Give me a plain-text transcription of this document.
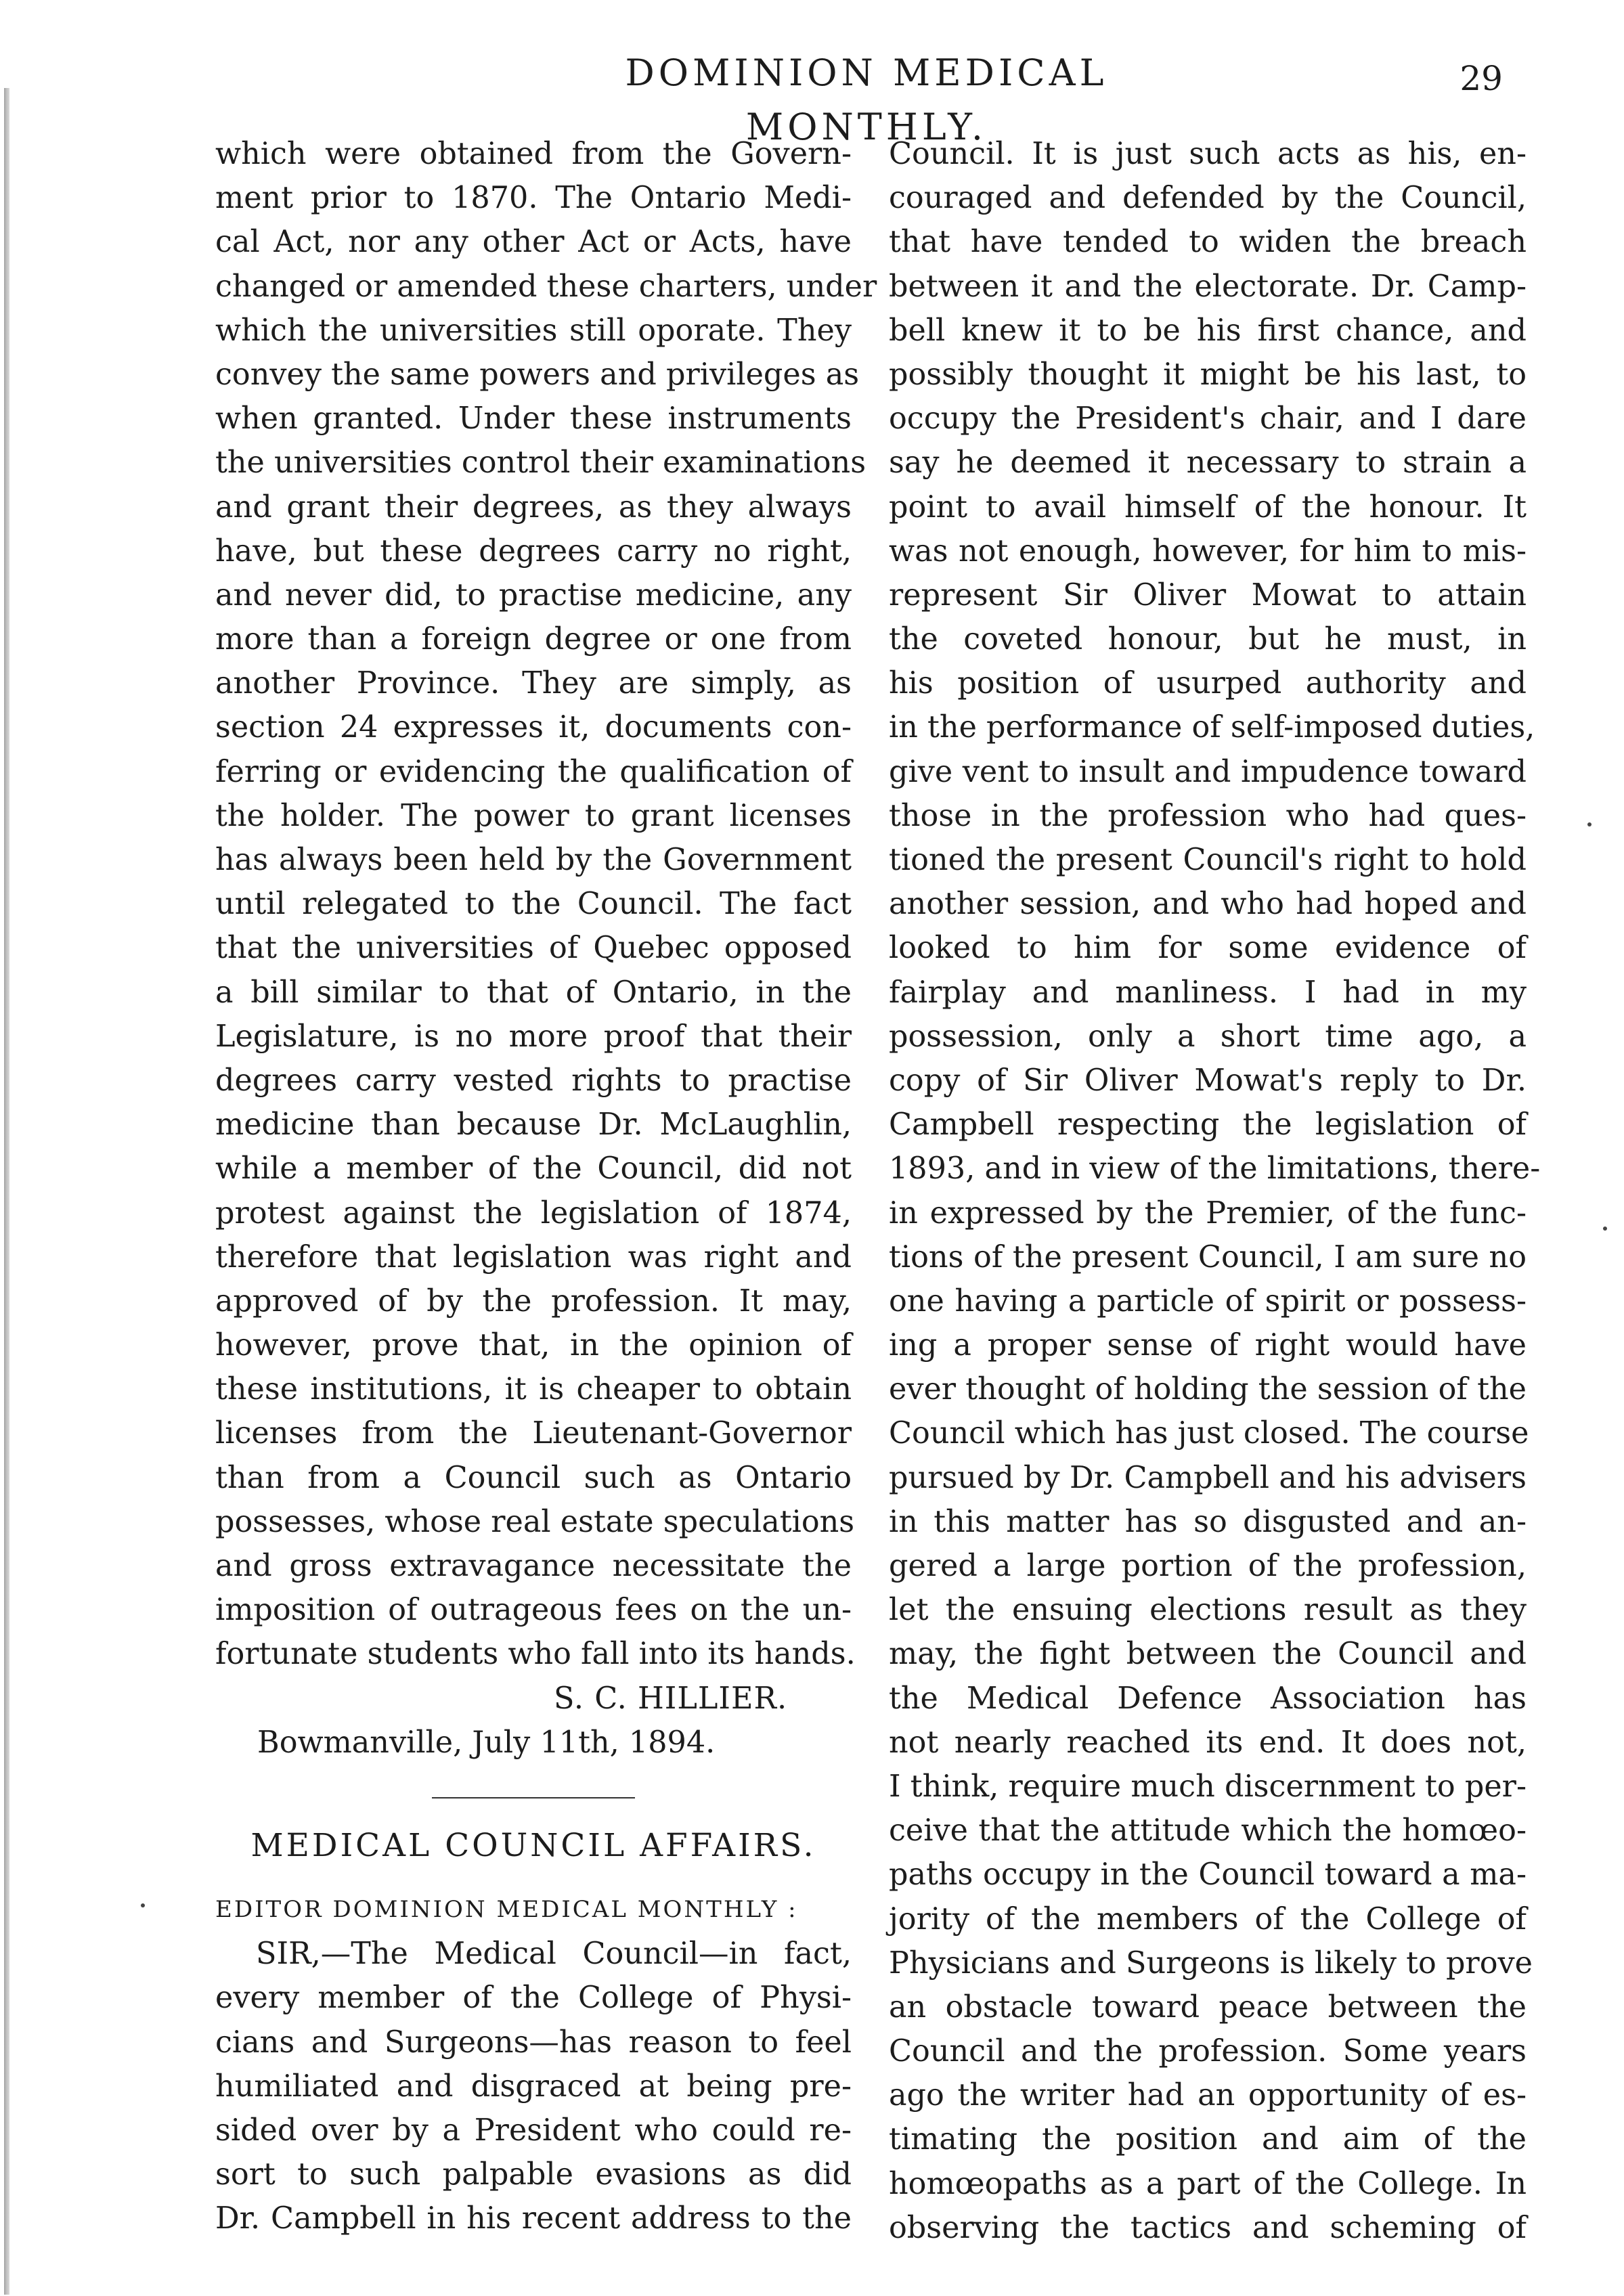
DOMINION MEDICAL MONTHLY.
29
which were obtained from the Govern-
ment prior to 1870. The Ontario Medi-
cal Act, nor any other Act or Acts, have
changed or amended these charters, under
which the universities still oporate. They
convey the same powers and privileges as
when granted. Under these instruments
the universities control their examinations
and grant their degrees, as they always
have, but these degrees carry no right,
and never did, to practise medicine, any
more than a foreign degree or one from
another Province. They are simply, as
section 24 expresses it, documents con-
ferring or evidencing the qualification of
the holder. The power to grant licenses
has always been held by the Government
until relegated to the Council. The fact
that the universities of Quebec opposed
a bill similar to that of Ontario, in the
Legislature, is no more proof that their
degrees carry vested rights to practise
medicine than because Dr. McLaughlin,
while a member of the Council, did not
protest against the legislation of 1874,
therefore that legislation was right and
approved of by the profession. It may,
however, prove that, in the opinion of
these institutions, it is cheaper to obtain
licenses from the Lieutenant-Governor
than from a Council such as Ontario
possesses, whose real estate speculations
and gross extravagance necessitate the
imposition of outrageous fees on the un-
fortunate students who fall into its hands.
S. C. HILLIER.
Bowmanville, July 11th, 1894.
MEDICAL COUNCIL AFFAIRS.
EDITOR DOMINION MEDICAL MONTHLY :
SIR,—The Medical Council—in fact,
every member of the College of Physi-
cians and Surgeons—has reason to feel
humiliated and disgraced at being pre-
sided over by a President who could re-
sort to such palpable evasions as did
Dr. Campbell in his recent address to the
Council. It is just such acts as his, en-
couraged and defended by the Council,
that have tended to widen the breach
between it and the electorate. Dr. Camp-
bell knew it to be his first chance, and
possibly thought it might be his last, to
occupy the President's chair, and I dare
say he deemed it necessary to strain a
point to avail himself of the honour. It
was not enough, however, for him to mis-
represent Sir Oliver Mowat to attain
the coveted honour, but he must, in
his position of usurped authority and
in the performance of self-imposed duties,
give vent to insult and impudence toward
those in the profession who had ques-
tioned the present Council's right to hold
another session, and who had hoped and
looked to him for some evidence of
fairplay and manliness. I had in my
possession, only a short time ago, a
copy of Sir Oliver Mowat's reply to Dr.
Campbell respecting the legislation of
1893, and in view of the limitations, there-
in expressed by the Premier, of the func-
tions of the present Council, I am sure no
one having a particle of spirit or possess-
ing a proper sense of right would have
ever thought of holding the session of the
Council which has just closed. The course
pursued by Dr. Campbell and his advisers
in this matter has so disgusted and an-
gered a large portion of the profession,
let the ensuing elections result as they
may, the fight between the Council and
the Medical Defence Association has
not nearly reached its end. It does not,
I think, require much discernment to per-
ceive that the attitude which the homœo-
paths occupy in the Council toward a ma-
jority of the members of the College of
Physicians and Surgeons is likely to prove
an obstacle toward peace between the
Council and the profession. Some years
ago the writer had an opportunity of es-
timating the position and aim of the
homœopaths as a part of the College. In
observing the tactics and scheming of
